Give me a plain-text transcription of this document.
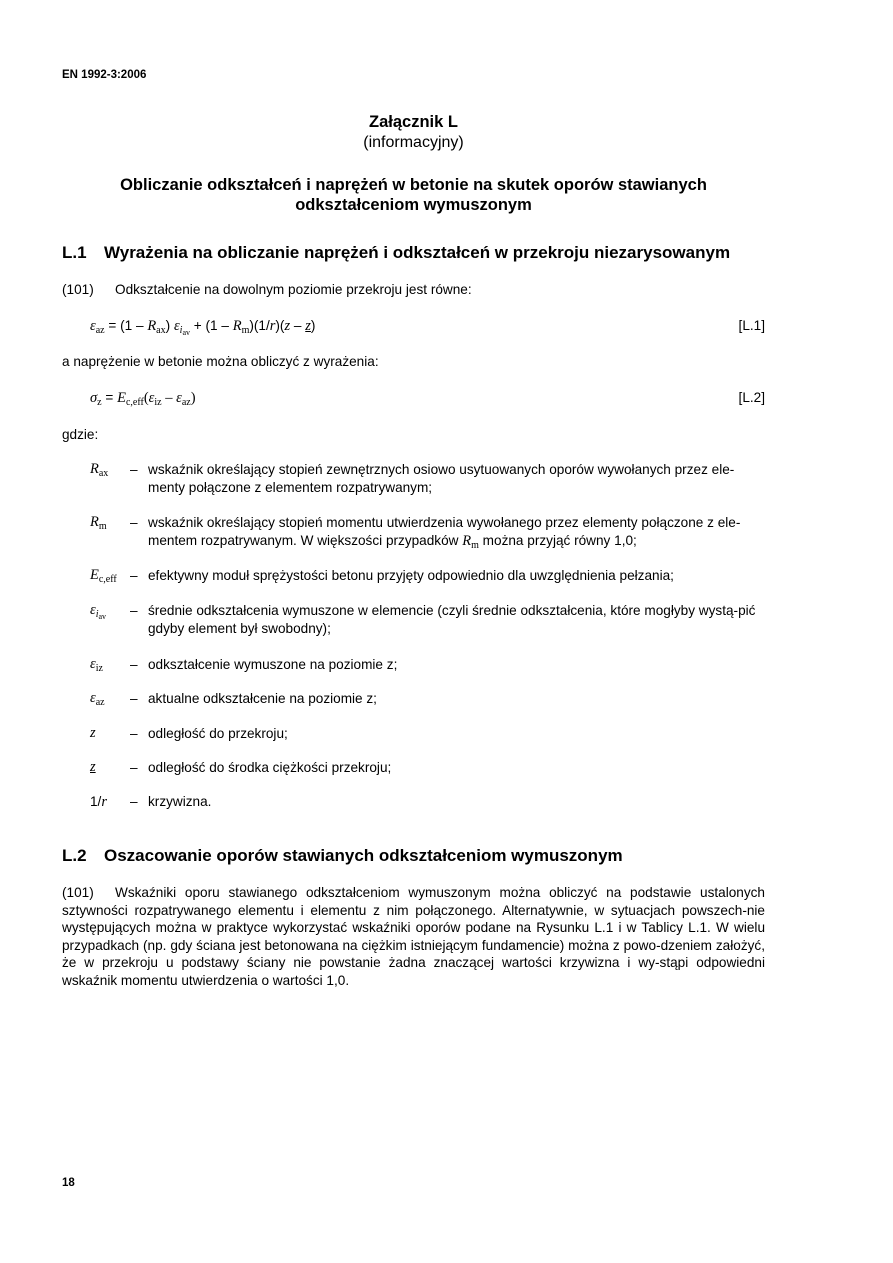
EN 1992-3:2006
Załącznik L
(informacyjny)
Obliczanie odkształceń i naprężeń w betonie na skutek oporów stawianych
odkształceniom wymuszonym
L.1 Wyrażenia na obliczanie naprężeń i odkształceń w przekroju niezarysowanym
(101) Odkształcenie na dowolnym poziomie przekroju jest równe:
$\varepsilon_{az} = (1 - R_{ax}) \varepsilon_{i_{av}} + (1 - R_m)(1/r)(z - z)$	[L.1]
a naprężenie w betonie można obliczyć z wyrażenia:
$\sigma_z = E_{c,eff}(\varepsilon_{iz} - \varepsilon_{az})$	[L.2]
gdzie:
$R_{ax}$	– wskaźnik określający stopień zewnętrznych osiowo usytuowanych oporów wywołanych przez ele-menty połączone z elementem rozpatrywanym;
$R_m$	– wskaźnik określający stopień momentu utwierdzenia wywołanego przez elementy połączone z ele-mentem rozpatrywanym. W większości przypadków $R_m$ można przyjąć równy 1,0;
$E_{c,eff}$ – efektywny moduł sprężystości betonu przyjęty odpowiednio dla uwzględnienia pełzania;
$\varepsilon_{i_{av}}$	– średnie odkształcenia wymuszone w elemencie (czyli średnie odkształcenia, które mogłyby wystą-pić gdyby element był swobodny);
$\varepsilon_{iz}$	– odkształcenie wymuszone na poziomie z;
$\varepsilon_{az}$	– aktualne odkształcenie na poziomie z;
z	– odległość do przekroju;
z	– odległość do środka ciężkości przekroju;
1/r	– krzywizna.
L.2 Oszacowanie oporów stawianych odkształceniom wymuszonym
(101) Wskaźniki oporu stawianego odkształceniom wymuszonym można obliczyć na podstawie ustalonych sztywności rozpatrywanego elementu i elementu z nim połączonego. Alternatywnie, w sytuacjach powszech-nie występujących można w praktyce wykorzystać wskaźniki oporów podane na Rysunku L.1 i w Tablicy L.1. W wielu przypadkach (np. gdy ściana jest betonowana na ciężkim istniejącym fundamencie) można z powo-dzeniem założyć, że w przekroju u podstawy ściany nie powstanie żadna znaczącej wartości krzywizna i wy-stąpi odpowiedni wskaźnik momentu utwierdzenia o wartości 1,0.
18
